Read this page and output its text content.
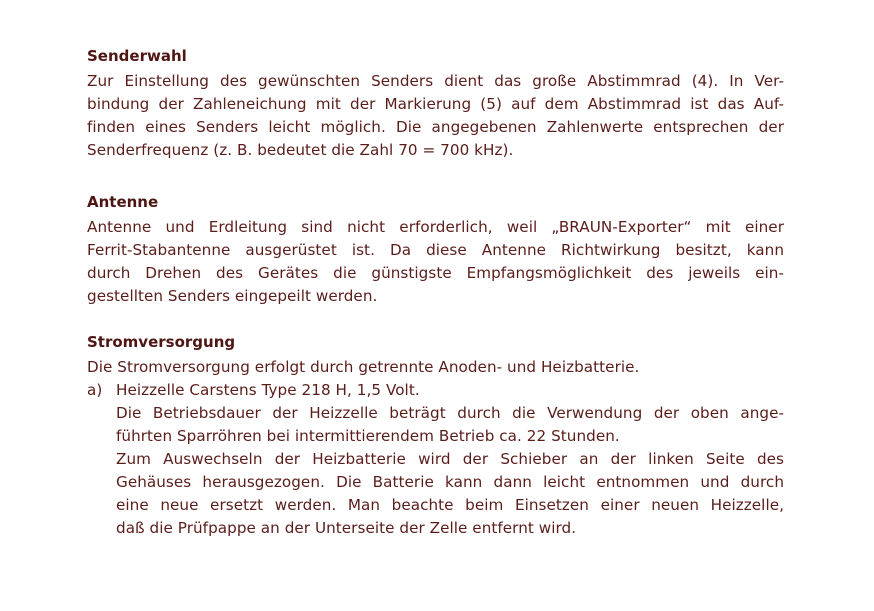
Senderwahl
Zur Einstellung des gewünschten Senders dient das große Abstimmrad (4). In Ver-
bindung der Zahleneichung mit der Markierung (5) auf dem Abstimmrad ist das Auf-
finden eines Senders leicht möglich. Die angegebenen Zahlenwerte entsprechen der
Senderfrequenz (z. B. bedeutet die Zahl 70 = 700 kHz).
Antenne
Antenne und Erdleitung sind nicht erforderlich, weil „BRAUN-Exporter“ mit einer
Ferrit-Stabantenne ausgerüstet ist. Da diese Antenne Richtwirkung besitzt, kann
durch Drehen des Gerätes die günstigste Empfangsmöglichkeit des jeweils ein-
gestellten Senders eingepeilt werden.
Stromversorgung
Die Stromversorgung erfolgt durch getrennte Anoden- und Heizbatterie.
a) Heizzelle Carstens Type 218 H, 1,5 Volt.
Die Betriebsdauer der Heizzelle beträgt durch die Verwendung der oben ange-
führten Sparröhren bei intermittierendem Betrieb ca. 22 Stunden.
Zum Auswechseln der Heizbatterie wird der Schieber an der linken Seite des
Gehäuses herausgezogen. Die Batterie kann dann leicht entnommen und durch
eine neue ersetzt werden. Man beachte beim Einsetzen einer neuen Heizzelle,
daß die Prüfpappe an der Unterseite der Zelle entfernt wird.
